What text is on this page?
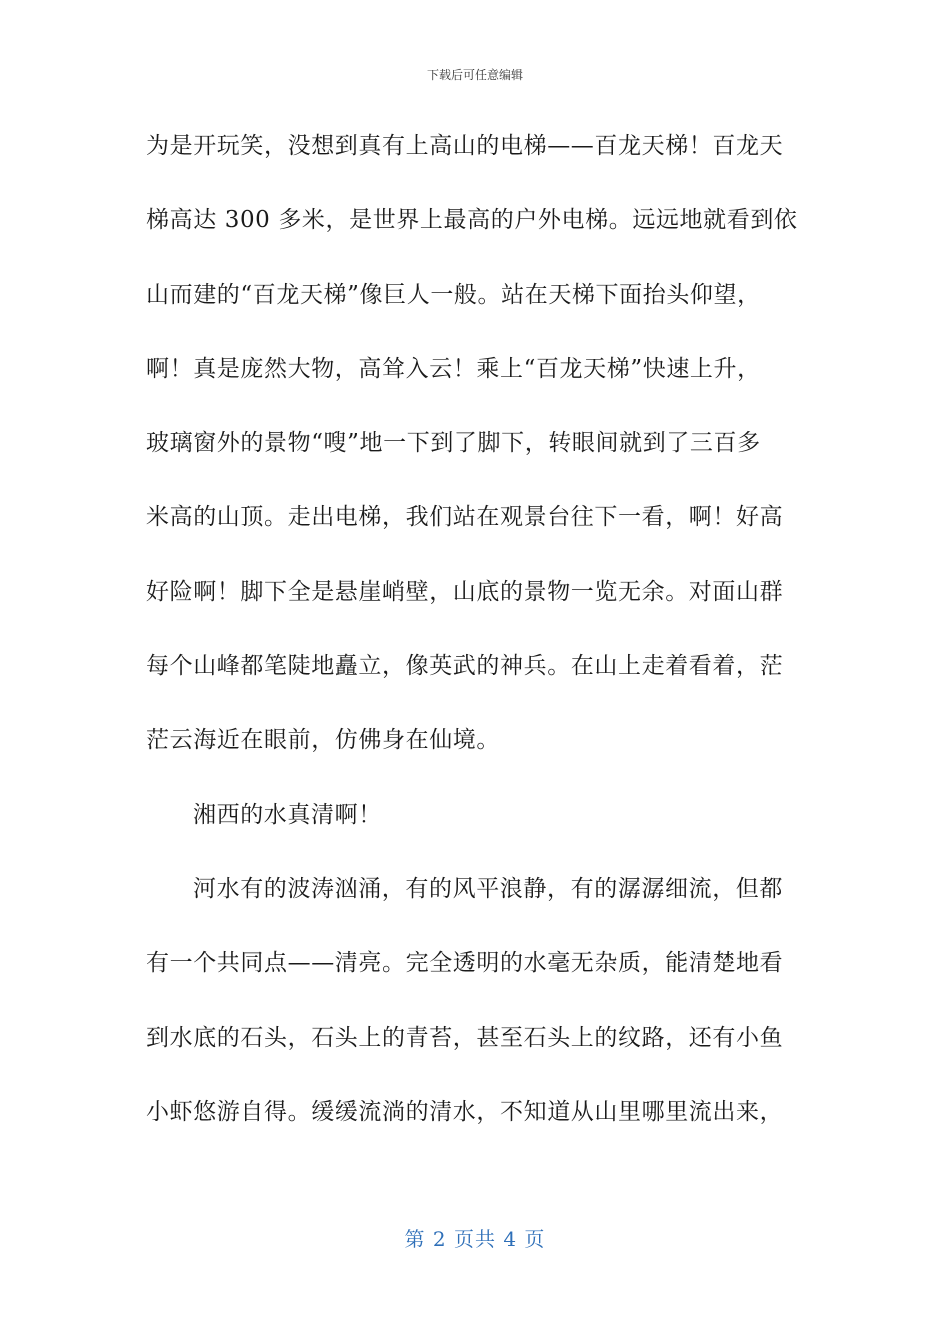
下载后可任意编辑
为是开玩笑，没想到真有上高山的电梯——百龙天梯！百龙天
梯高达 300 多米，是世界上最高的户外电梯。远远地就看到依
山而建的“百龙天梯”像巨人一般。站在天梯下面抬头仰望，
啊！真是庞然大物，高耸入云！乘上“百龙天梯”快速上升，
玻璃窗外的景物“嗖”地一下到了脚下，转眼间就到了三百多
米高的山顶。走出电梯，我们站在观景台往下一看，啊！好高
好险啊！脚下全是悬崖峭壁，山底的景物一览无余。对面山群
每个山峰都笔陡地矗立，像英武的神兵。在山上走着看着，茫
茫云海近在眼前，仿佛身在仙境。
湘西的水真清啊！
河水有的波涛汹涌，有的风平浪静，有的潺潺细流，但都
有一个共同点——清亮。完全透明的水毫无杂质，能清楚地看
到水底的石头，石头上的青苔，甚至石头上的纹路，还有小鱼
小虾悠游自得。缓缓流淌的清水，不知道从山里哪里流出来，
第 2 页共 4 页
